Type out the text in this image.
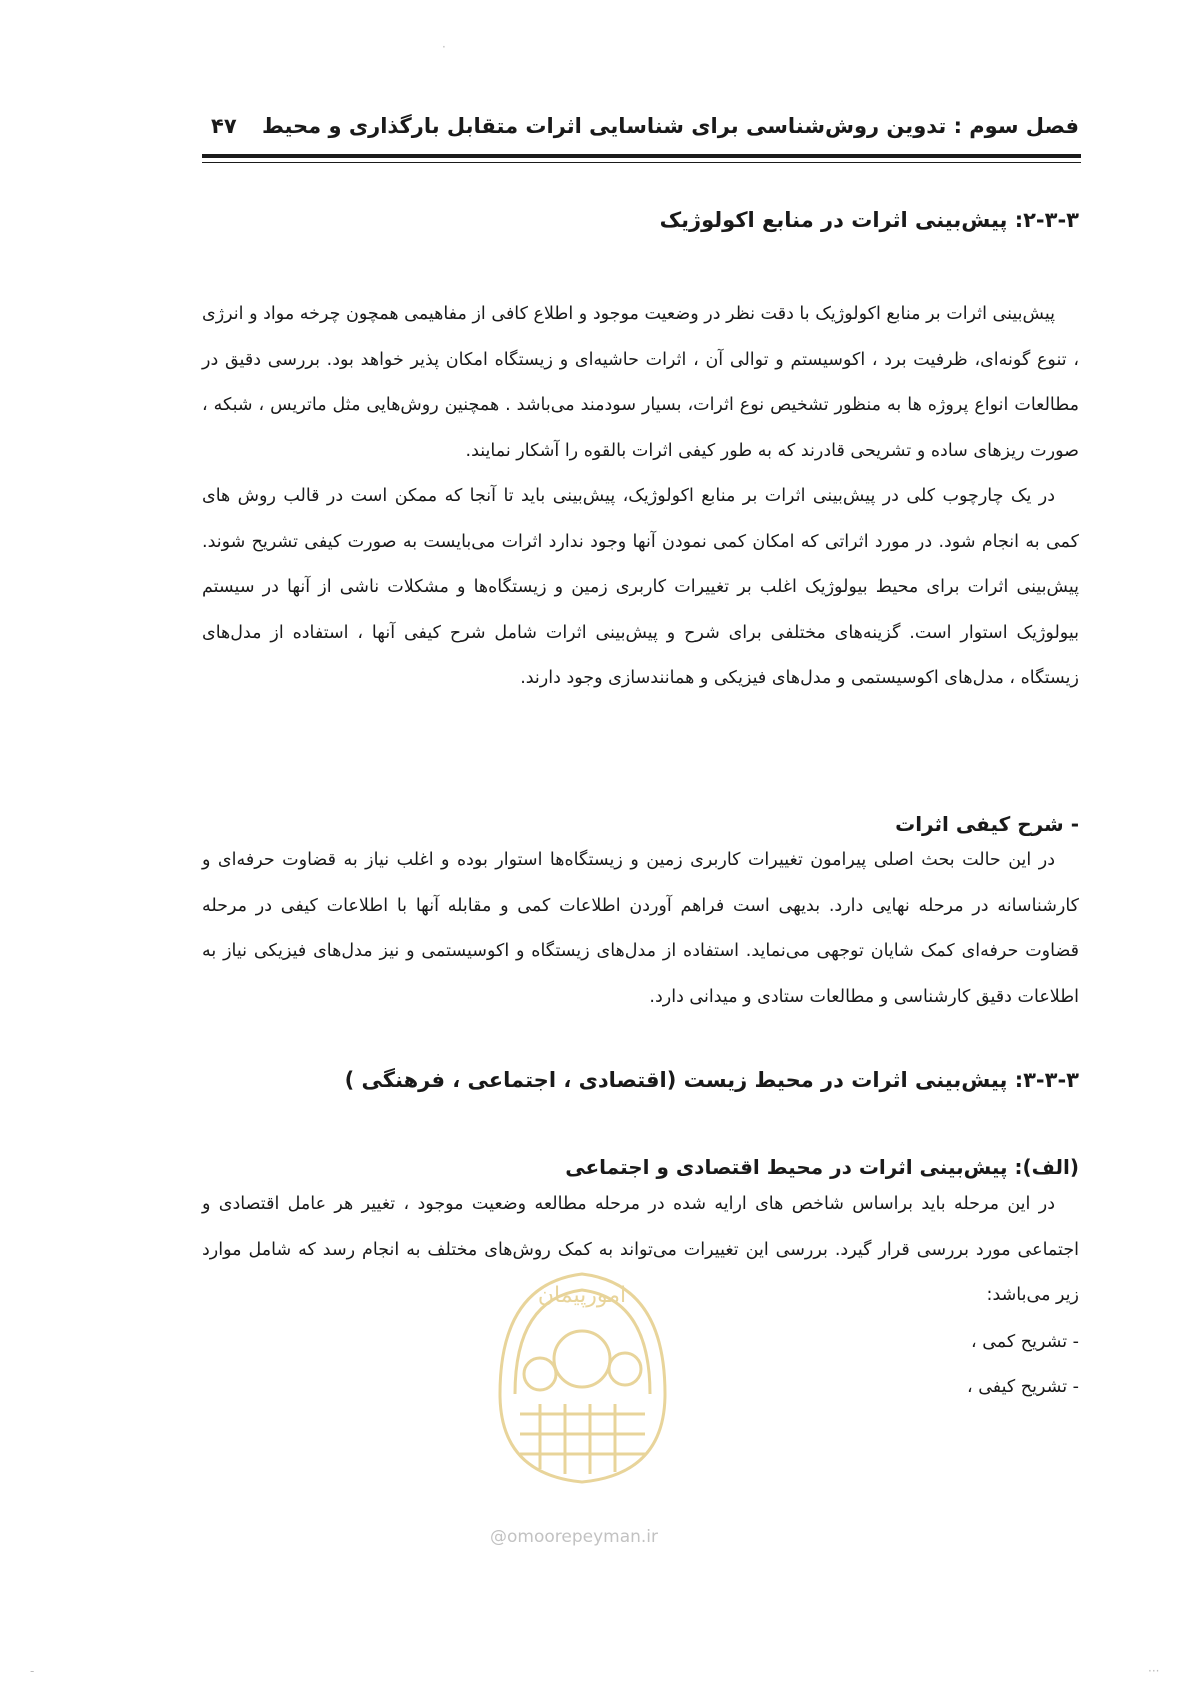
فصل سوم : تدوین روش‌شناسی برای شناسایی اثرات متقابل بارگذاری و محیط
۴۷
۲-۳-۳: پیش‌بینی اثرات در منابع اکولوژیک

پیش‌بینی اثرات بر منابع اکولوژیک با دقت نظر در وضعیت موجود و اطلاع کافی از مفاهیمی همچون چرخه مواد و انرژی ، تنوع گونه‌ای، ظرفیت برد ، اکوسیستم و توالی آن ، اثرات حاشیه‌ای و زیستگاه امکان پذیر خواهد بود. بررسی دقیق در مطالعات انواع پروژه ها به منظور تشخیص نوع اثرات، بسیار سودمند می‌باشد . همچنین روش‌هایی مثل ماتریس ، شبکه ، صورت ریزهای ساده و تشریحی قادرند که به طور کیفی اثرات بالقوه را آشکار نمایند.

در یک چارچوب کلی در پیش‌بینی اثرات بر منابع اکولوژیک، پیش‌بینی باید تا آنجا که ممکن است در قالب روش های کمی به انجام شود. در مورد اثراتی که امکان کمی نمودن آنها وجود ندارد اثرات می‌بایست به صورت کیفی تشریح شوند. پیش‌بینی اثرات برای محیط بیولوژیک اغلب بر تغییرات کاربری زمین و زیستگاه‌ها و مشکلات ناشی از آنها در سیستم بیولوژیک استوار است. گزینه‌های مختلفی برای شرح و پیش‌بینی اثرات شامل شرح کیفی آنها ، استفاده از مدل‌های زیستگاه ، مدل‌های اکوسیستمی و مدل‌های فیزیکی و همانندسازی وجود دارند.

- شرح کیفی اثرات

در این حالت بحث اصلی پیرامون تغییرات کاربری زمین و زیستگاه‌ها استوار بوده و اغلب نیاز به قضاوت حرفه‌ای و کارشناسانه در مرحله نهایی دارد. بدیهی است فراهم آوردن اطلاعات کمی و مقابله آنها با اطلاعات کیفی در مرحله قضاوت حرفه‌ای کمک شایان توجهی می‌نماید. استفاده از مدل‌های زیستگاه و اکوسیستمی و نیز مدل‌های فیزیکی نیاز به اطلاعات دقیق کارشناسی و مطالعات ستادی و میدانی دارد.

۳-۳-۳: پیش‌بینی اثرات در محیط زیست (اقتصادی ، اجتماعی ، فرهنگی )
(الف): پیش‌بینی اثرات در محیط اقتصادی و اجتماعی

در این مرحله باید براساس شاخص های ارایه شده در مرحله مطالعه وضعیت موجود ، تغییر هر عامل اقتصادی و اجتماعی مورد بررسی قرار گیرد. بررسی این تغییرات می‌تواند به کمک روش‌های مختلف به انجام رسد که شامل موارد زیر می‌باشد:

- تشریح کمی ،
- تشریح کیفی ،
امورپیمان
@omoorepeyman.ir
·
-	···
